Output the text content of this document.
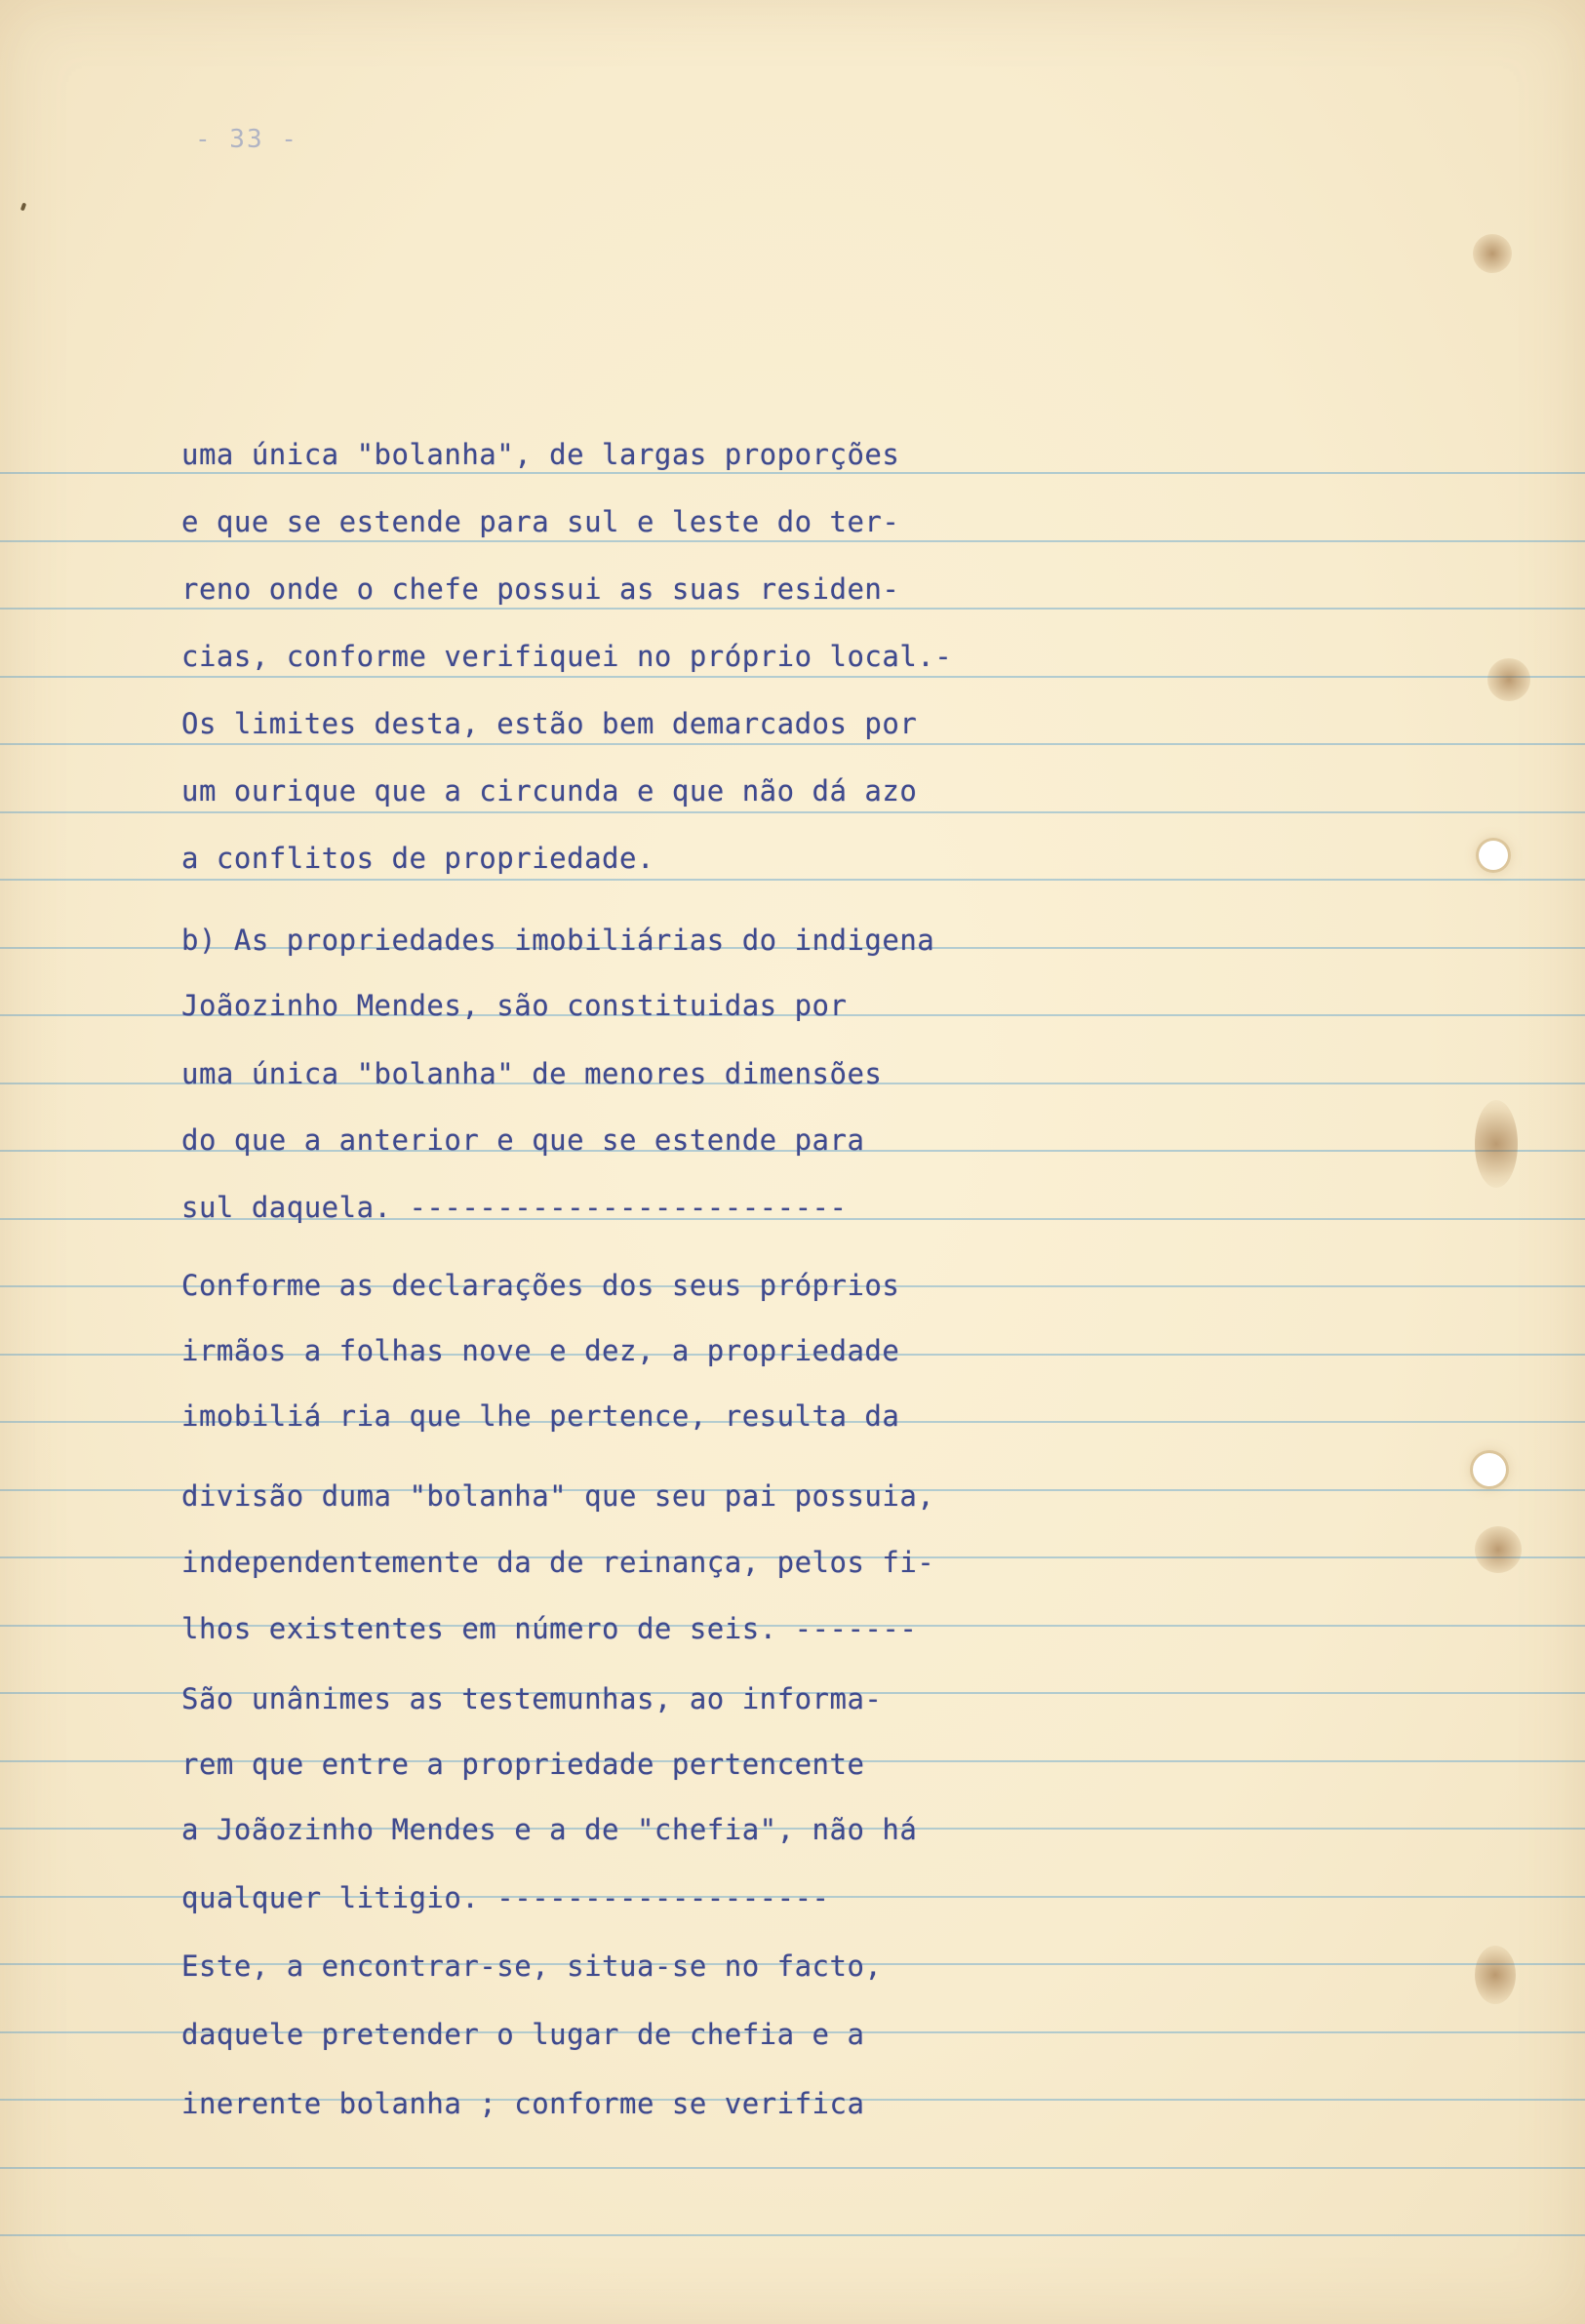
- 33 -
uma única "bolanha", de largas proporções
e que se estende para sul e leste do ter-
reno onde o chefe possui as suas residen-
cias, conforme verifiquei no próprio local.-
Os limites desta, estão bem demarcados por
um ourique que a circunda e que não dá azo
a conflitos de propriedade.
b) As propriedades imobiliárias do indigena
Joãozinho Mendes, são constituidas por
uma única "bolanha" de menores dimensões
do que a anterior e que se estende para
sul daquela. -------------------------
Conforme as declarações dos seus próprios
irmãos a folhas nove e dez, a propriedade
imobiliá ria que lhe pertence, resulta da
divisão duma "bolanha" que seu pai possuia,
independentemente da de reinança, pelos fi-
lhos existentes em número de seis. -------
São unânimes as testemunhas, ao informa-
rem que entre a propriedade pertencente
a Joãozinho Mendes e a de "chefia", não há
qualquer litigio. -------------------
Este, a encontrar-se, situa-se no facto,
daquele pretender o lugar de chefia e a
inerente bolanha ; conforme se verifica
